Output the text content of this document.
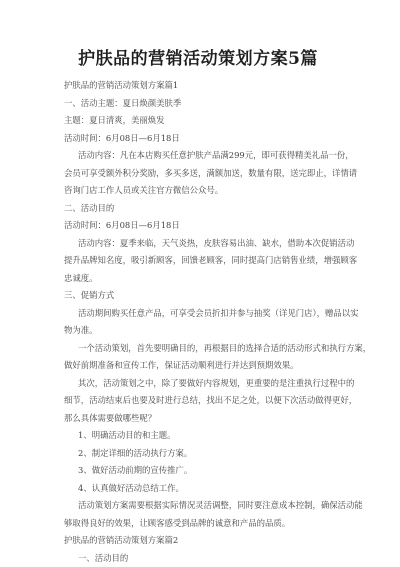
护肤品的营销活动策划方案5篇

护肤品的营销活动策划方案篇1

一、活动主题：夏日焕颜美肤季

主题：夏日清爽，美丽焕发

活动时间：6月08日—6月18日

活动内容：凡在本店购买任意护肤产品满299元，即可获得精美礼品一份，

会员可享受额外积分奖励，多买多送，满额加送，数量有限，送完即止，详情请

咨询门店工作人员或关注官方微信公众号。

二、活动目的

活动时间：6月08日—6月18日

活动内容：夏季来临，天气炎热，皮肤容易出油、缺水，借助本次促销活动

提升品牌知名度，吸引新顾客，回馈老顾客，同时提高门店销售业绩，增强顾客

忠诚度。

三、促销方式

活动期间购买任意产品，可享受会员折扣并参与抽奖（详见门店），赠品以实

物为准。

一个活动策划，首先要明确目的，再根据目的选择合适的活动形式和执行方案，

做好前期准备和宣传工作，保证活动顺利进行并达到预期效果。

其次，活动策划之中，除了要做好内容规划，更重要的是注重执行过程中的

细节，活动结束后也要及时进行总结，找出不足之处，以便下次活动做得更好，

那么具体需要做哪些呢？

1、明确活动目的和主题。

2、制定详细的活动执行方案。

3、做好活动前期的宣传推广。

4、认真做好活动总结工作。

活动策划方案需要根据实际情况灵活调整，同时要注意成本控制，确保活动能

够取得良好的效果，让顾客感受到品牌的诚意和产品的品质。

护肤品的营销活动策划方案篇2

一、活动目的
